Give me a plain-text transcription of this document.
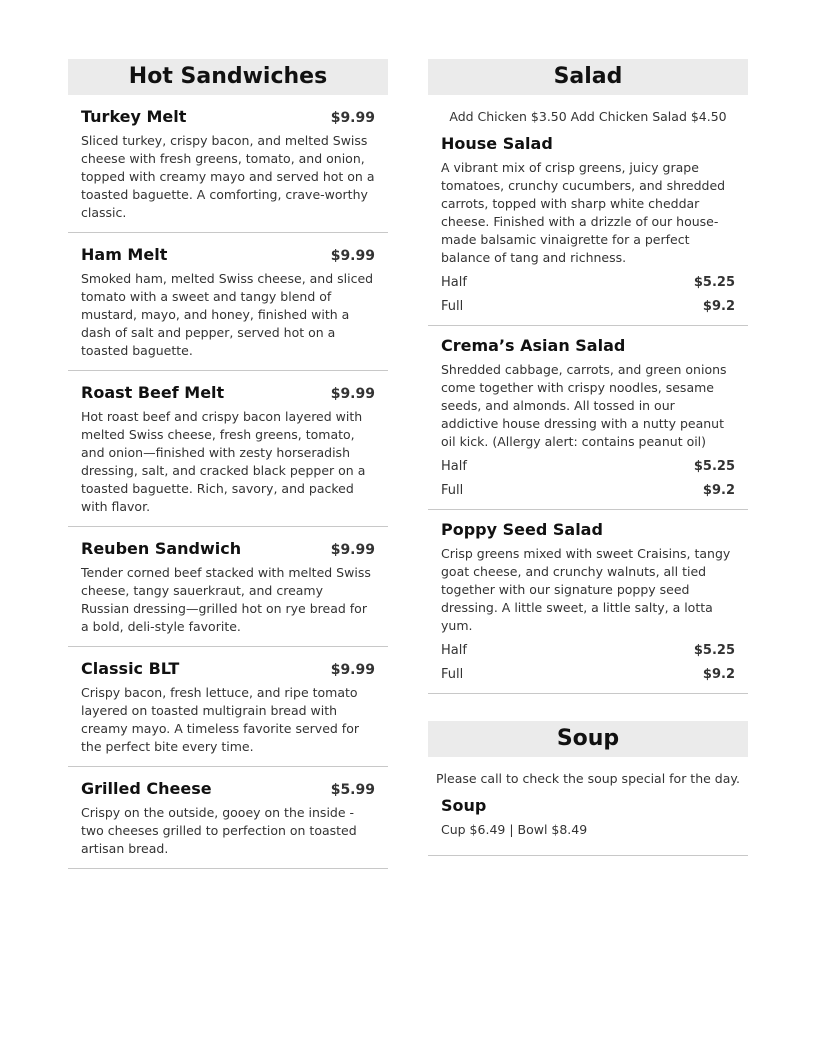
Hot Sandwiches
Turkey Melt	$9.99
Sliced turkey, crispy bacon, and melted Swiss cheese with fresh greens, tomato, and onion, topped with creamy mayo and served hot on a toasted baguette. A comforting, crave-worthy classic.
Ham Melt	$9.99
Smoked ham, melted Swiss cheese, and sliced tomato with a sweet and tangy blend of mustard, mayo, and honey, finished with a dash of salt and pepper, served hot on a toasted baguette.
Roast Beef Melt	$9.99
Hot roast beef and crispy bacon layered with melted Swiss cheese, fresh greens, tomato, and onion—finished with zesty horseradish dressing, salt, and cracked black pepper on a toasted baguette. Rich, savory, and packed with flavor.
Reuben Sandwich	$9.99
Tender corned beef stacked with melted Swiss cheese, tangy sauerkraut, and creamy Russian dressing—grilled hot on rye bread for a bold, deli-style favorite.
Classic BLT	$9.99
Crispy bacon, fresh lettuce, and ripe tomato layered on toasted multigrain bread with creamy mayo. A timeless favorite served for the perfect bite every time.
Grilled Cheese	$5.99
Crispy on the outside, gooey on the inside - two cheeses grilled to perfection on toasted artisan bread.
Salad
Add Chicken $3.50 Add Chicken Salad $4.50
House Salad
A vibrant mix of crisp greens, juicy grape tomatoes, crunchy cucumbers, and shredded carrots, topped with sharp white cheddar cheese. Finished with a drizzle of our house-made balsamic vinaigrette for a perfect balance of tang and richness.
Half	$5.25
Full	$9.2
Crema’s Asian Salad
Shredded cabbage, carrots, and green onions come together with crispy noodles, sesame seeds, and almonds. All tossed in our addictive house dressing with a nutty peanut oil kick. (Allergy alert: contains peanut oil)
Half	$5.25
Full	$9.2
Poppy Seed Salad
Crisp greens mixed with sweet Craisins, tangy goat cheese, and crunchy walnuts, all tied together with our signature poppy seed dressing. A little sweet, a little salty, a lotta yum.
Half	$5.25
Full	$9.2
Soup
Please call to check the soup special for the day.
Soup
Cup $6.49 | Bowl $8.49
